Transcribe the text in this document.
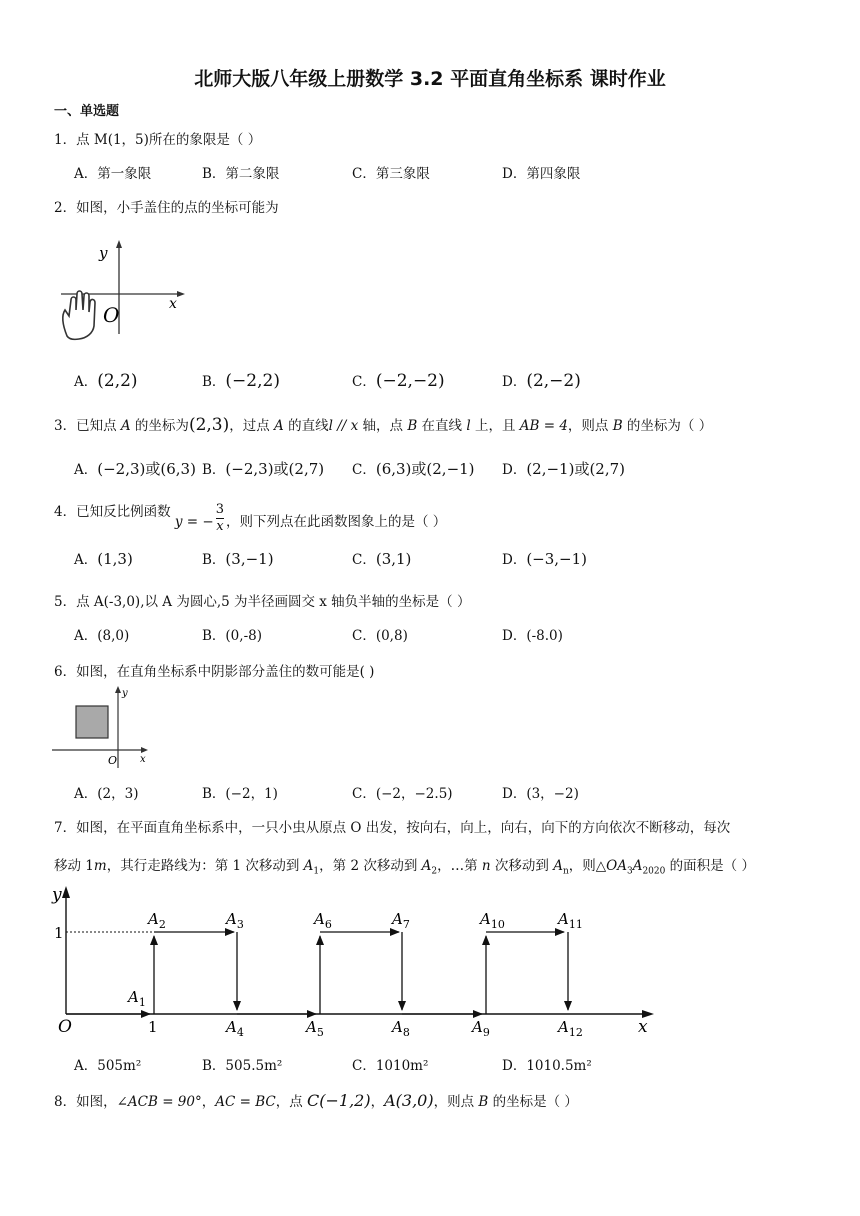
北师大版八年级上册数学 3.2 平面直角坐标系 课时作业
一、单选题
1．点 M(1，5)所在的象限是（ ）
A．第一象限	B．第二象限	C．第三象限	D．第四象限
2．如图，小手盖住的点的坐标可能为
y
x
O
A．(2,2)	B．(−2,2)	C．(−2,−2)	D．(2,−2)
3．已知点 A 的坐标为(2,3)，过点 A 的直线l // x 轴，点 B 在直线 l 上，且 AB = 4，则点 B 的坐标为（ ）
A．(−2,3)或(6,3) B．(−2,3)或(2,7) C．(6,3)或(2,−1) D．(2,−1)或(2,7)
4．已知反比例函数 y = − $\frac{3}{x}$ ，则下列点在此函数图象上的是（ ）
A．(1,3)	B．(3,−1)	C．(3,1)	D．(−3,−1)
5．点 A(-3,0),以 A 为圆心,5 为半径画圆交 x 轴负半轴的坐标是（ ）
A．(8,0)	B．(0,-8)	C．(0,8)	D．(-8.0)
6．如图，在直角坐标系中阴影部分盖住的数可能是( )
y
x
O
A．(2，3)	B．(−2，1)	C．(−2，−2.5)	D．(3，−2)
7．如图，在平面直角坐标系中，一只小虫从原点 O 出发，按向右，向上，向右，向下的方向依次不断移动，每次
移动 1m，其行走路线为：第 1 次移动到 $A_1$，第 2 次移动到 $A_2$，…第 n 次移动到 $A_n$，则$\triangle OA_3A_{2020}$ 的面积是（ ）
y
x
O
1
1
$A_1$
$A_2$	$A_3$
$A_4$	$A_5$
$A_6$	$A_7$
$A_8$	$A_9$
$A_{10}$	$A_{11}$
$A_{12}$
A．505m²	B．505.5m²	C．1010m²	D．1010.5m²
8．如图，∠ACB = 90°，AC = BC，点 C(−1,2)，A(3,0)，则点 B 的坐标是（ ）
